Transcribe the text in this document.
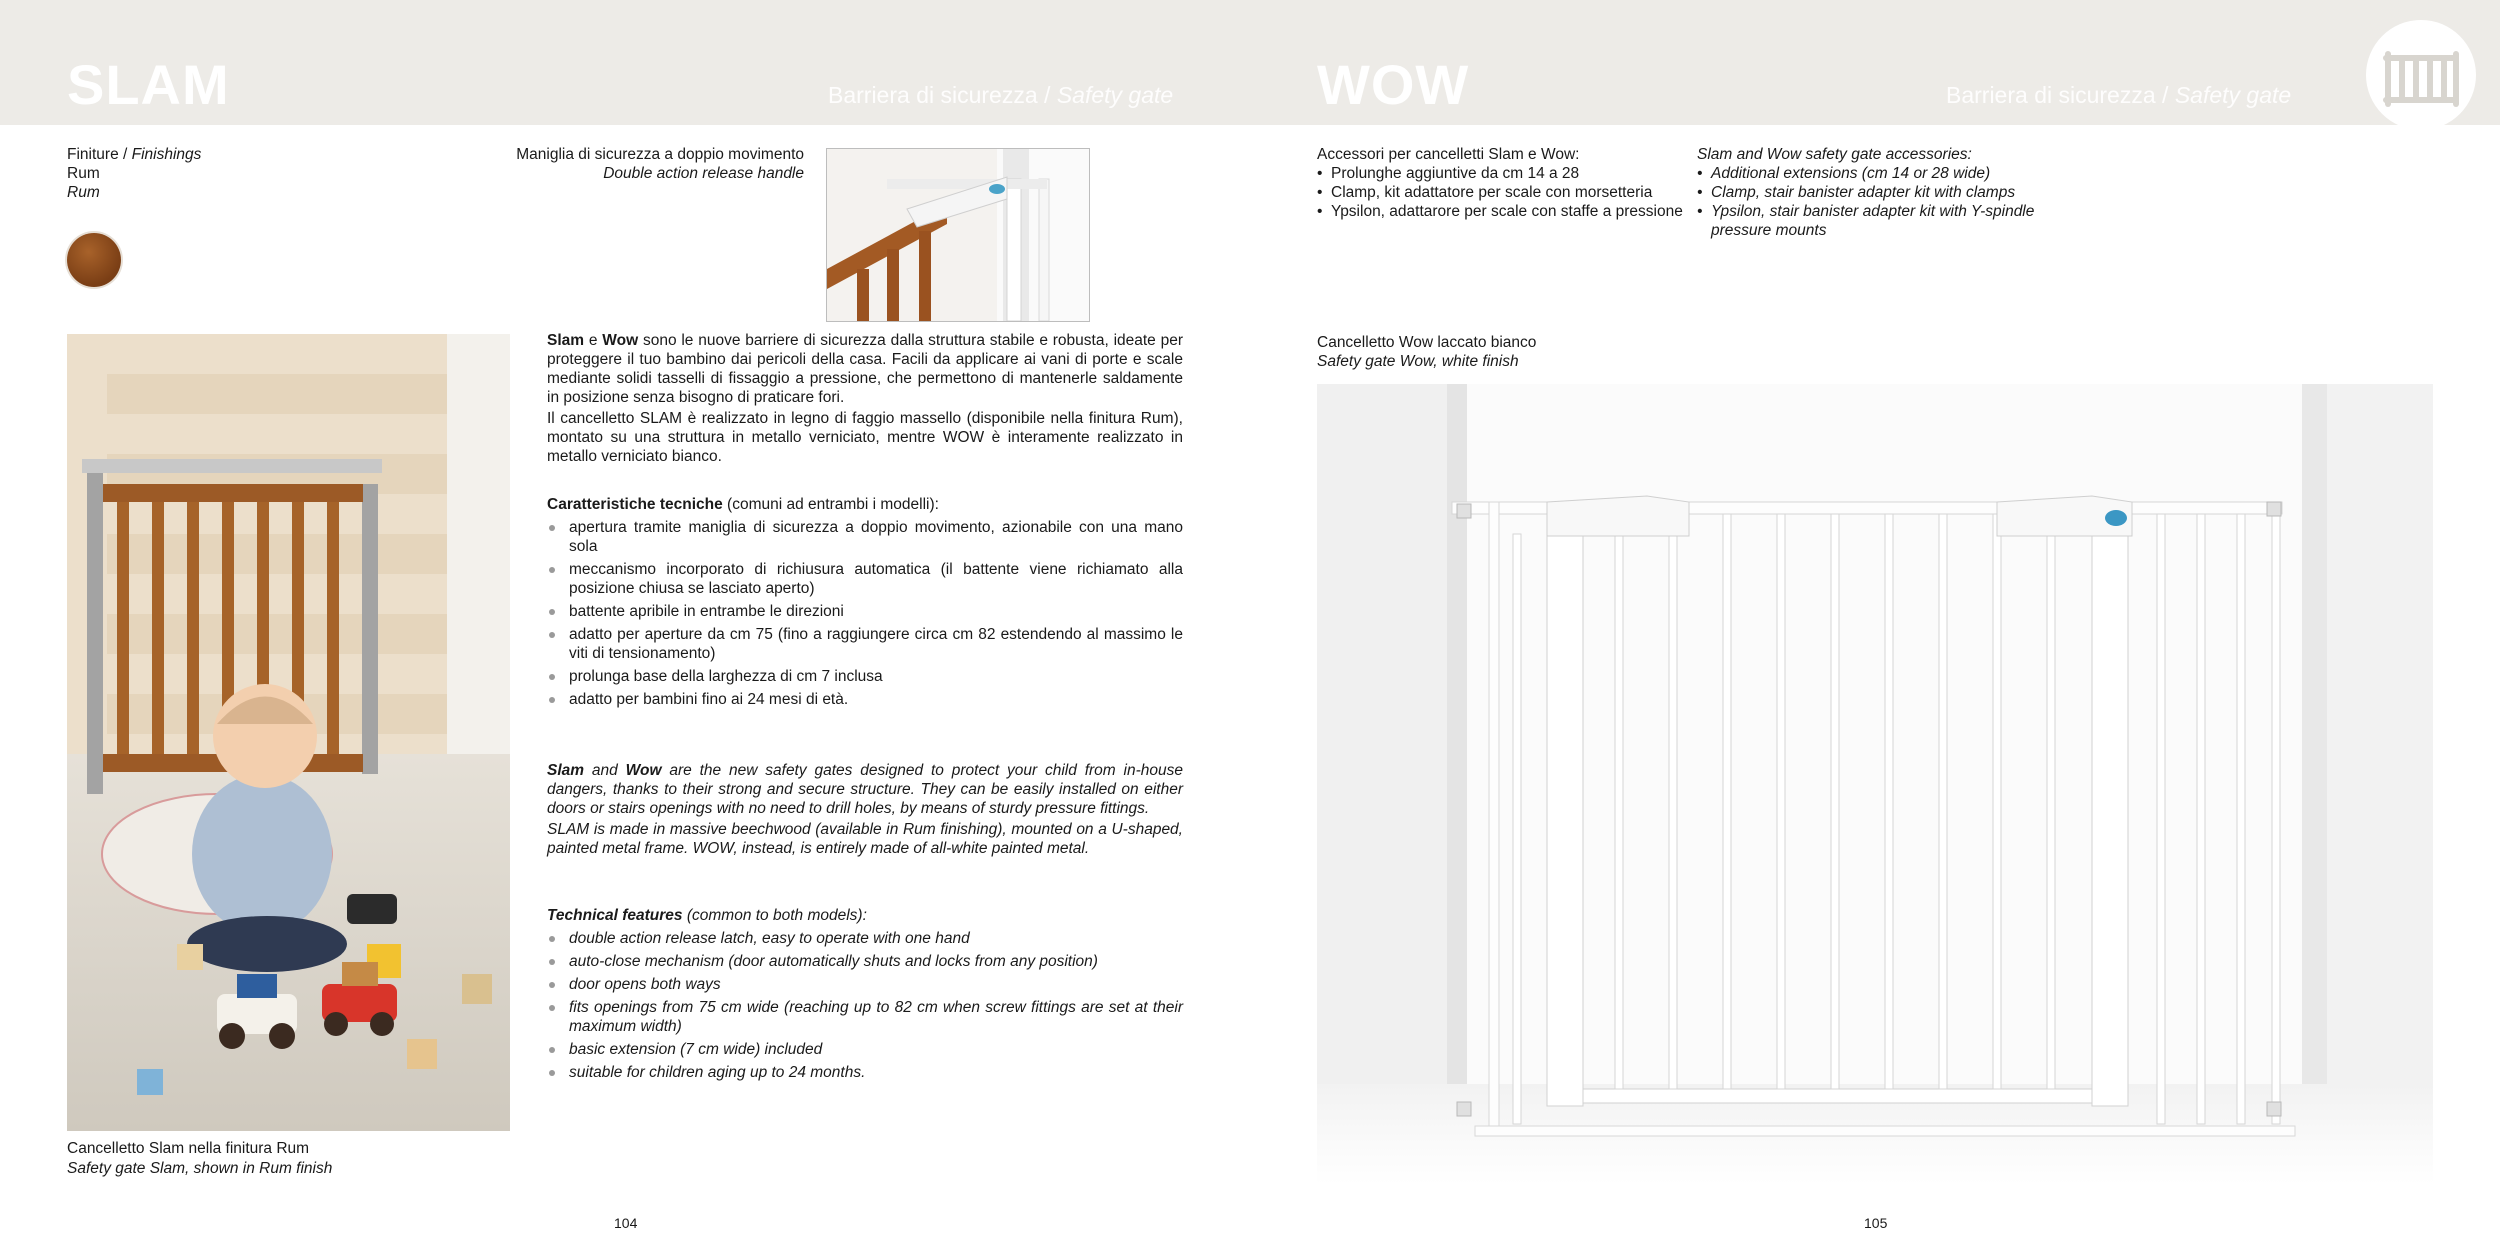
SLAM	Barriera di sicurezza / Safety gate	WOW	Barriera di sicurezza / Safety gate
Finiture / Finishings
Rum
Rum
Maniglia di sicurezza a doppio movimento
Double action release handle
Cancelletto Slam nella finitura Rum
Safety gate Slam, shown in Rum finish

Slam e Wow sono le nuove barriere di sicurezza dalla struttura stabile e robusta, ideate per proteggere il tuo bambino dai pericoli della casa. Facili da applicare ai vani di porte e scale mediante solidi tasselli di fissaggio a pressione, che permettono di mantenerle saldamente in posizione senza bisogno di praticare fori.

Il cancelletto SLAM è realizzato in legno di faggio massello (disponibile nella finitura Rum), montato su una struttura in metallo verniciato, mentre WOW è interamente realizzato in metallo verniciato bianco.

Caratteristiche tecniche (comuni ad entrambi i modelli):
apertura tramite maniglia di sicurezza a doppio movimento, azionabile con una mano sola
meccanismo incorporato di richiusura automatica (il battente viene richiamato alla posizione chiusa se lasciato aperto)
battente apribile in entrambe le direzioni
adatto per aperture da cm 75 (fino a raggiungere circa cm 82 estendendo al massimo le viti di tensionamento)
prolunga base della larghezza di cm 7 inclusa
adatto per bambini fino ai 24 mesi di età.

Slam and Wow are the new safety gates designed to protect your child from in-house dangers, thanks to their strong and secure structure. They can be easily installed on either doors or stairs openings with no need to drill holes, by means of sturdy pressure fittings.

SLAM is made in massive beechwood (available in Rum finishing), mounted on a U-shaped, painted metal frame. WOW, instead, is entirely made of all-white painted metal.

Technical features (common to both models):
double action release latch, easy to operate with one hand
auto-close mechanism (door automatically shuts and locks from any position)
door opens both ways
fits openings from 75 cm wide (reaching up to 82 cm when screw fittings are set at their maximum width)
basic extension (7 cm wide) included
suitable for children aging up to 24 months.
Accessori per cancelletti Slam e Wow:
• Prolunghe aggiuntive da cm 14 a 28
• Clamp, kit adattatore per scale con morsetteria
• Ypsilon, adattarore per scale con staffe a pressione
Slam and Wow safety gate accessories:
• Additional extensions (cm 14 or 28 wide)
• Clamp, stair banister adapter kit with clamps
• Ypsilon, stair banister adapter kit with Y-spindle pressure mounts
Cancelletto Wow laccato bianco
Safety gate Wow, white finish
104	105
